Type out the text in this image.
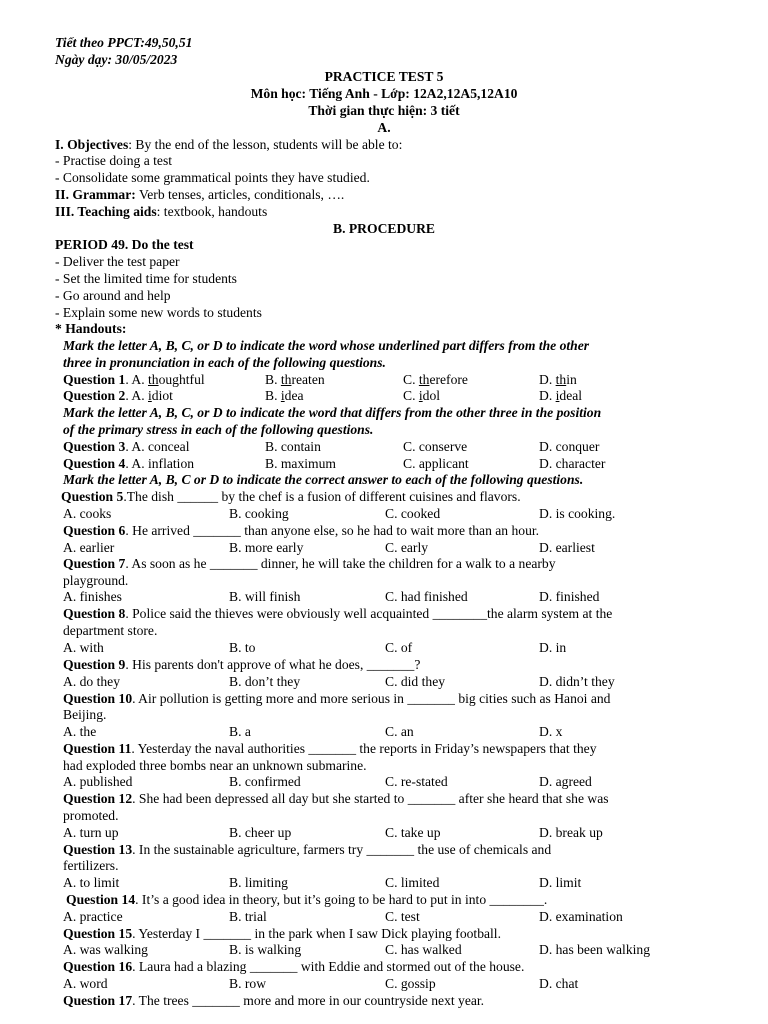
Tiết theo PPCT:49,50,51
Ngày dạy: 30/05/2023
PRACTICE TEST 5
Môn học: Tiếng Anh - Lớp: 12A2,12A5,12A10
Thời gian thực hiện: 3 tiết
A.
I. Objectives: By the end of the lesson, students will be able to:
- Practise doing a test
- Consolidate some grammatical points they have studied.
II. Grammar: Verb tenses, articles, conditionals, ….
III. Teaching aids: textbook, handouts
B. PROCEDURE
PERIOD 49. Do the test
- Deliver the test paper
- Set the limited time for students
- Go around and help
- Explain some new words to students
* Handouts:
Mark the letter A, B, C, or D to indicate the word whose underlined part differs from the other
three in pronunciation in each of the following questions.
Question 1. A. thoughtful	B. threaten	C. therefore	D. thin
Question 2. A. idiot	B. idea	C. idol	D. ideal
Mark the letter A, B, C, or D to indicate the word that differs from the other three in the position
of the primary stress in each of the following questions.
Question 3. A. conceal	B. contain	C. conserve	D. conquer
Question 4. A. inflation	B. maximum	C. applicant	D. character
Mark the letter A, B, C or D to indicate the correct answer to each of the following questions.
Question 5.The dish ______ by the chef is a fusion of different cuisines and flavors.
A. cooks	B. cooking	C. cooked	D. is cooking.
Question 6. He arrived _______ than anyone else, so he had to wait more than an hour.
A. earlier	B. more early	C. early	D. earliest
Question 7. As soon as he _______ dinner, he will take the children for a walk to a nearby
playground.
A. finishes	B. will finish	C. had finished	D. finished
Question 8. Police said the thieves were obviously well acquainted ________the alarm system at the
department store.
A. with	B. to	C. of	D. in
Question 9. His parents don't approve of what he does, _______?
A. do they	B. don’t they	C. did they	D. didn’t they
Question 10. Air pollution is getting more and more serious in _______ big cities such as Hanoi and
Beijing.
A. the	B. a	C. an	D. x
Question 11. Yesterday the naval authorities _______ the reports in Friday’s newspapers that they
had exploded three bombs near an unknown submarine.
A. published	B. confirmed	C. re-stated	D. agreed
Question 12. She had been depressed all day but she started to _______ after she heard that she was
promoted.
A. turn up	B. cheer up	C. take up	D. break up
Question 13. In the sustainable agriculture, farmers try _______ the use of chemicals and
fertilizers.
A. to limit	B. limiting	C. limited	D. limit
Question 14. It’s a good idea in theory, but it’s going to be hard to put in into ________.
A. practice	B. trial	C. test	D. examination
Question 15. Yesterday I _______ in the park when I saw Dick playing football.
A. was walking	B. is walking	C. has walked	D. has been walking
Question 16. Laura had a blazing _______ with Eddie and stormed out of the house.
A. word	B. row	C. gossip	D. chat
Question 17. The trees _______ more and more in our countryside next year.
